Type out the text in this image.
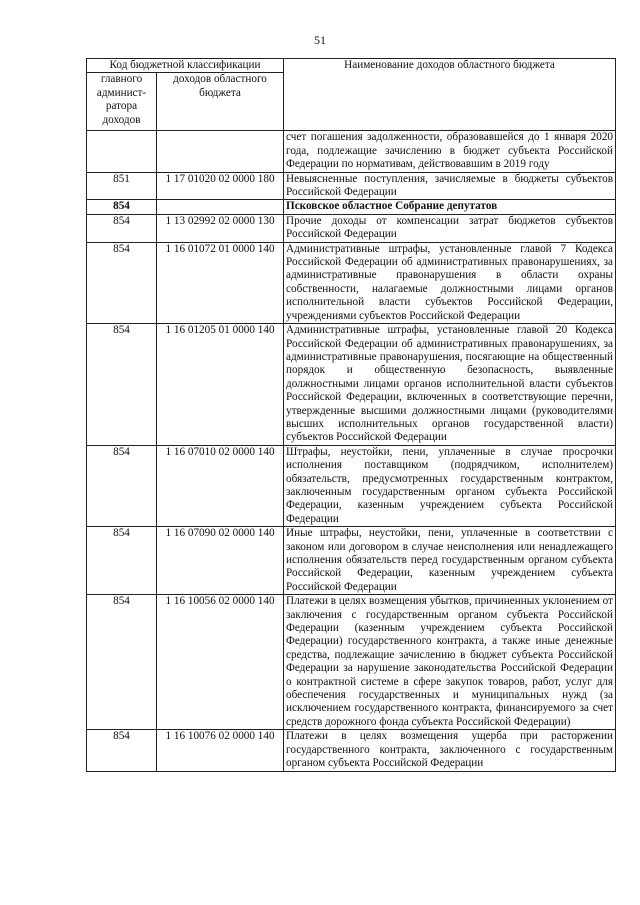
51
Код бюджетной классификации		Наименование доходов областного бюджета
главного админист-ратора доходов	доходов областного бюджета	
		счет погашения задолженности, образовавшейся до 1 января 2020 года, подлежащие зачислению в бюджет субъекта Российской Федерации по нормативам, действовавшим в 2019 году
851	1 17 01020 02 0000 180	Невыясненные поступления, зачисляемые в бюджеты субъектов Российской Федерации
854		Псковское областное Собрание депутатов
854	1 13 02992 02 0000 130	Прочие доходы от компенсации затрат бюджетов субъектов Российской Федерации
854	1 16 01072 01 0000 140	Административные штрафы, установленные главой 7 Кодекса Российской Федерации об административных правонарушениях, за административные правонарушения в области охраны собственности, налагаемые должностными лицами органов исполнительной власти субъектов Российской Федерации, учреждениями субъектов Российской Федерации
854	1 16 01205 01 0000 140	Административные штрафы, установленные главой 20 Кодекса Российской Федерации об административных правонарушениях, за административные правонарушения, посягающие на общественный порядок и общественную безопасность, выявленные должностными лицами органов исполнительной власти субъектов Российской Федерации, включенных в соответствующие перечни, утвержденные высшими должностными лицами (руководителями высших исполнительных органов государственной власти) субъектов Российской Федерации
854	1 16 07010 02 0000 140	Штрафы, неустойки, пени, уплаченные в случае просрочки исполнения поставщиком (подрядчиком, исполнителем) обязательств, предусмотренных государственным контрактом, заключенным государственным органом субъекта Российской Федерации, казенным учреждением субъекта Российской Федерации
854	1 16 07090 02 0000 140	Иные штрафы, неустойки, пени, уплаченные в соответствии с законом или договором в случае неисполнения или ненадлежащего исполнения обязательств перед государственным органом субъекта Российской Федерации, казенным учреждением субъекта Российской Федерации
854	1 16 10056 02 0000 140	Платежи в целях возмещения убытков, причиненных уклонением от заключения с государственным органом субъекта Российской Федерации (казенным учреждением субъекта Российской Федерации) государственного контракта, а также иные денежные средства, подлежащие зачислению в бюджет субъекта Российской Федерации за нарушение законодательства Российской Федерации о контрактной системе в сфере закупок товаров, работ, услуг для обеспечения государственных и муниципальных нужд (за исключением государственного контракта, финансируемого за счет средств дорожного фонда субъекта Российской Федерации)
854	1 16 10076 02 0000 140	Платежи в целях возмещения ущерба при расторжении государственного контракта, заключенного с государственным органом субъекта Российской Федерации
